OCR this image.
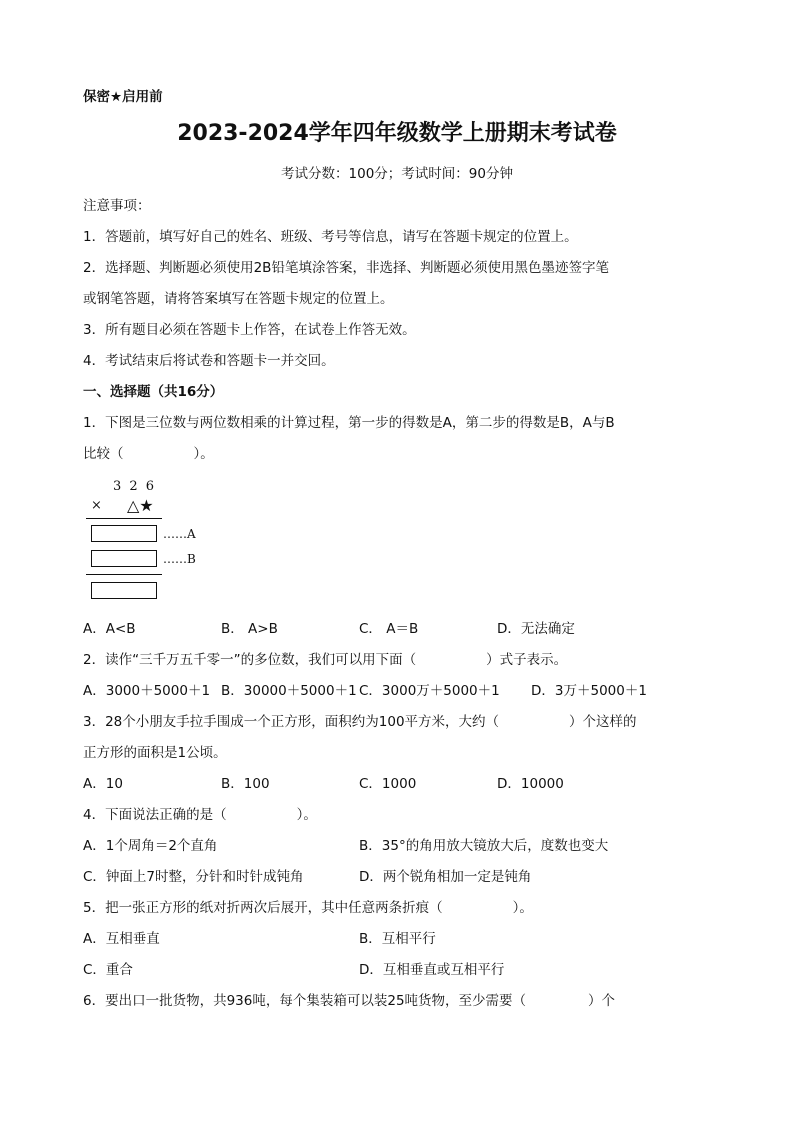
保密★启用前
2023-2024学年四年级数学上册期末考试卷
考试分数：100分；考试时间：90分钟
注意事项：
1．答题前，填写好自己的姓名、班级、考号等信息，请写在答题卡规定的位置上。
2．选择题、判断题必须使用2B铅笔填涂答案，非选择、判断题必须使用黑色墨迹签字笔
或钢笔答题，请将答案填写在答题卡规定的位置上。
3．所有题目必须在答题卡上作答，在试卷上作答无效。
4．考试结束后将试卷和答题卡一并交回。
一、选择题（共16分）
1．下图是三位数与两位数相乘的计算过程，第一步的得数是A，第二步的得数是B，A与B
比较（	）。
3 2 6
× △★
……A
……B
A．A<B	B． A>B	C． A＝B	D．无法确定
2．读作“三千万五千零一”的多位数，我们可以用下面（	）式子表示。
A．3000＋5000＋1 B．30000＋5000＋1 C．3000万＋5000＋1 D．3万＋5000＋1
3．28个小朋友手拉手围成一个正方形，面积约为100平方米，大约（	）个这样的
正方形的面积是1公顷。
A．10	B．100	C．1000	D．10000
4．下面说法正确的是（	）。
A．1个周角＝2个直角	B．35°的角用放大镜放大后，度数也变大
C．钟面上7时整，分针和时针成钝角	D．两个锐角相加一定是钝角
5．把一张正方形的纸对折两次后展开，其中任意两条折痕（	）。
A．互相垂直	B．互相平行
C．重合	D．互相垂直或互相平行
6．要出口一批货物，共936吨，每个集装箱可以装25吨货物，至少需要（	）个
